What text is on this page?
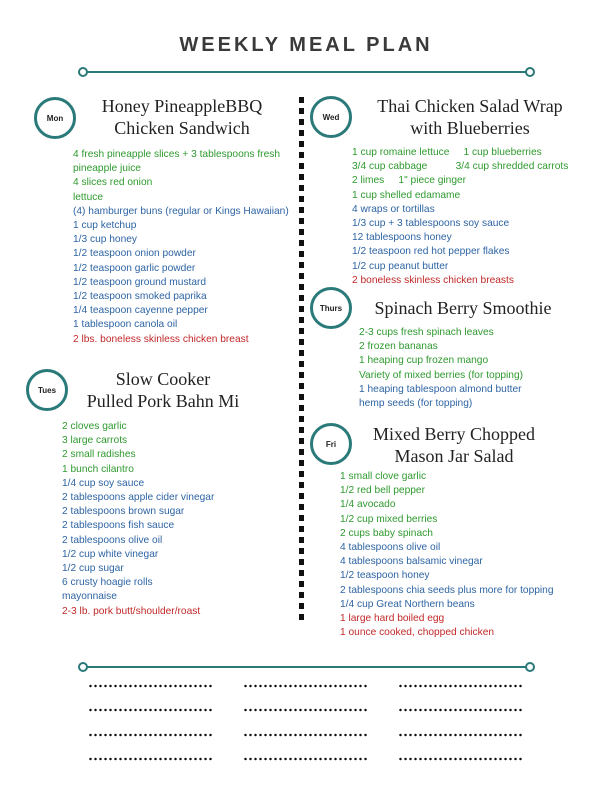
WEEKLY MEAL PLAN
Mon
Honey PineappleBBQ
Chicken Sandwich
4 fresh pineapple slices + 3 tablespoons fresh
pineapple juice
4 slices red onion
lettuce
(4) hamburger buns (regular or Kings Hawaiian)
1 cup ketchup
1/3 cup honey
1/2 teaspoon onion powder
1/2 teaspoon garlic powder
1/2 teaspoon ground mustard
1/2 teaspoon smoked paprika
1/4 teaspoon cayenne pepper
1 tablespoon canola oil
2 lbs. boneless skinless chicken breast
Tues
Slow Cooker
Pulled Pork Bahn Mi
2 cloves garlic
3 large carrots
2 small radishes
1 bunch cilantro
1/4 cup soy sauce
2 tablespoons apple cider vinegar
2 tablespoons brown sugar
2 tablespoons fish sauce
2 tablespoons olive oil
1/2 cup white vinegar
1/2 cup sugar
6 crusty hoagie rolls
mayonnaise
2-3 lb. pork butt/shoulder/roast
Wed
Thai Chicken Salad Wrap
with Blueberries
1 cup romaine lettuce     1 cup blueberries
3/4 cup cabbage          3/4 cup shredded carrots
2 limes     1" piece ginger
1 cup shelled edamame
4 wraps or tortillas
1/3 cup + 3 tablespoons soy sauce
12 tablespoons honey
1/2 teaspoon red hot pepper flakes
1/2 cup peanut butter
2 boneless skinless chicken breasts
Thurs	Spinach Berry Smoothie
2-3 cups fresh spinach leaves
2 frozen bananas
1 heaping cup frozen mango
Variety of mixed berries (for topping)
1 heaping tablespoon almond butter
hemp seeds (for topping)
Fri	Mixed Berry Chopped
Mason Jar Salad
1 small clove garlic
1/2 red bell pepper
1/4 avocado
1/2 cup mixed berries
2 cups baby spinach
4 tablespoons olive oil
4 tablespoons balsamic vinegar
1/2 teaspoon honey
2 tablespoons chia seeds plus more for topping
1/4 cup Great Northern beans
1 large hard boiled egg
1 ounce cooked, chopped chicken
